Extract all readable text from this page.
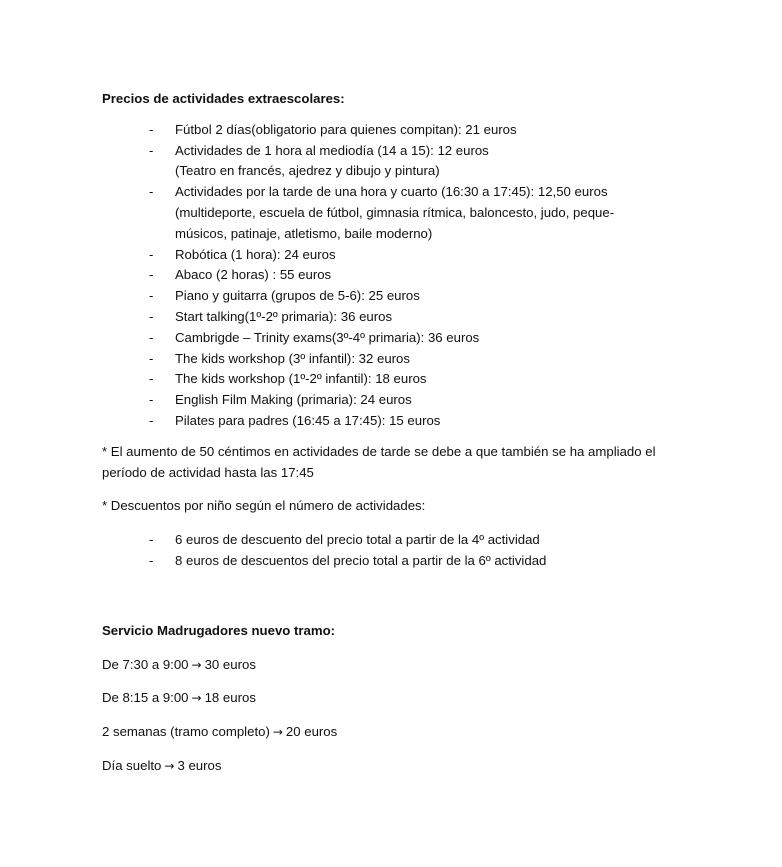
Precios de actividades extraescolares:

- Fútbol 2 días(obligatorio para quienes compitan): 21 euros
- Actividades de 1 hora al mediodía (14 a 15): 12 euros
(Teatro en francés, ajedrez y dibujo y pintura)
- Actividades por la tarde de una hora y cuarto (16:30 a 17:45): 12,50 euros
(multideporte, escuela de fútbol, gimnasia rítmica, baloncesto, judo, peque-
músicos, patinaje, atletismo, baile moderno)
- Robótica (1 hora): 24 euros
- Abaco (2 horas) : 55 euros
- Piano y guitarra (grupos de 5-6): 25 euros
- Start talking(1º-2º primaria): 36 euros
- Cambrigde – Trinity exams(3º-4º primaria): 36 euros
- The kids workshop (3º infantil): 32 euros
- The kids workshop (1º-2º infantil): 18 euros
- English Film Making (primaria): 24 euros
- Pilates para padres (16:45 a 17:45): 15 euros

* El aumento de 50 céntimos en actividades de tarde se debe a que también se ha ampliado el
período de actividad hasta las 17:45

* Descuentos por niño según el número de actividades:

- 6 euros de descuento del precio total a partir de la 4º actividad
- 8 euros de descuentos del precio total a partir de la 6º actividad

Servicio Madrugadores nuevo tramo:

De 7:30 a 9:00 → 30 euros

De 8:15 a 9:00 → 18 euros

2 semanas (tramo completo) → 20 euros

Día suelto → 3 euros
